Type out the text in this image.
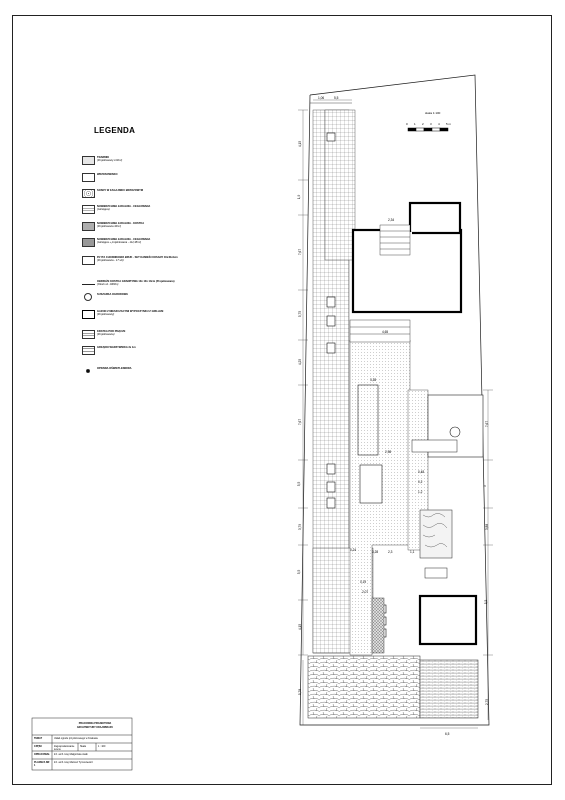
LEGENDA
TRAWNIK
(Projektowany 110m²)
WRZOSOWISKO
SOSNY W ZAGAJNIKU BRZOZOWYM
NAWIERZCHNIA JADALNIA - CEGŁOWANA
(Istniejąca)
NAWIERZCHNIA JADALNIA - KOSTKA
(Projektowana 40m²)
NAWIERZCHNIA JADALNIA - CEGŁOWANA
(Istniejąca + projektowana - 112,48m²)
PŁYTA CHODNIKOWA BRUK - SET KAMIEŃ CIOSANY 40x40x4cm
(Projektowana - 17 szt)
OBRZEŻE KOSTKA GRANITOWA 10x 10x 10cm (Projektowana)
(Około ok. 1000m)
SUSZARKA OGRODOWA
GAZON Z MIESZCZACYMI WYPOCZYNKU Z GRILLEM
(Projektowany)
KRATKA POD PNĄCZE
(Projektowana)
GRZĄDKI WARZYWNIKA 3x 1m
OPRAWA OŚWIETLENIOWA
skala 1:100
0 1 2 3 4 5 m
4,15
1,9
7,67
5,75
4,25
7,67
5,5
3,79
5,5
4,15
5,78
7,67
5
3,88
5,5
2,75
1,06	5,5
2,34
4,65
3,28
2,98
0,48
0,2
1,2
0,24	3,28	2,3	1,1
0,19
2,07
6,5
PRACOWNIA PROJEKTOWA
ARCHITEKTURY KRAJOBRAZU
TEMAT	Układ ogrodu przydomowego w Krakowie
CZĘŚĆ	Zagospodarowanie terenu
Skala	1 : 100
OPRACOWAŁ	Inż. arch. kraj. Małgorzata Jasik
PLANSZA NR 1
Inż. arch. kraj. Mariusz Tymoszewicz
